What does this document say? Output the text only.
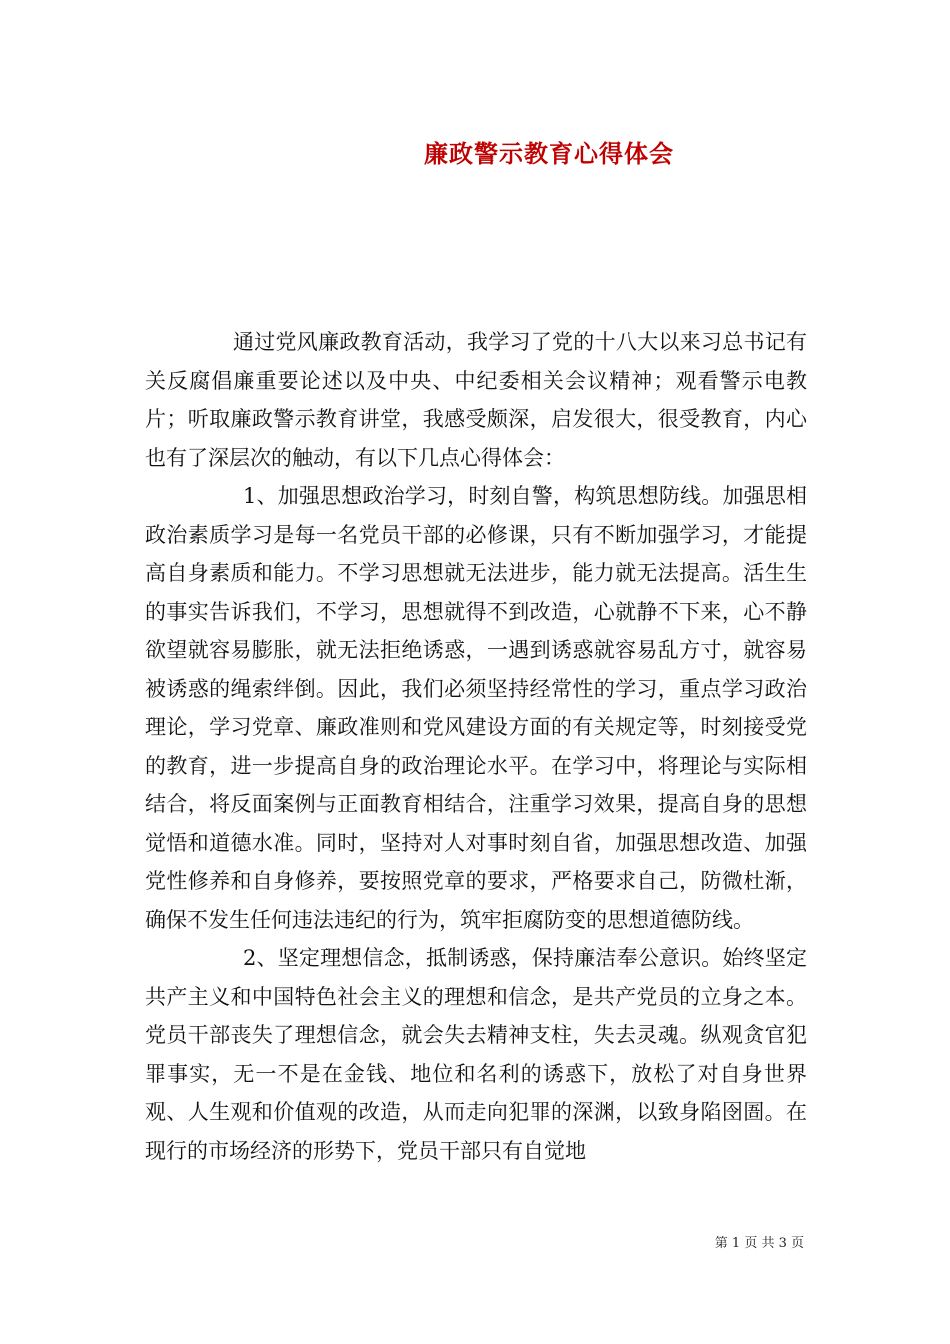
廉政警示教育心得体会

通过党风廉政教育活动，我学习了党的十八大以来习总书记有关反腐倡廉重要论述以及中央、中纪委相关会议精神；观看警示电教片；听取廉政警示教育讲堂，我感受颇深，启发很大，很受教育，内心也有了深层次的触动，有以下几点心得体会：

1、加强思想政治学习，时刻自警，构筑思想防线。加强思相政治素质学习是每一名党员干部的必修课，只有不断加强学习，才能提高自身素质和能力。不学习思想就无法进步，能力就无法提高。活生生的事实告诉我们，不学习，思想就得不到改造，心就静不下来，心不静欲望就容易膨胀，就无法拒绝诱惑，一遇到诱惑就容易乱方寸，就容易被诱惑的绳索绊倒。因此，我们必须坚持经常性的学习，重点学习政治理论，学习党章、廉政准则和党风建设方面的有关规定等，时刻接受党的教育，进一步提高自身的政治理论水平。在学习中，将理论与实际相结合，将反面案例与正面教育相结合，注重学习效果，提高自身的思想觉悟和道德水准。同时，坚持对人对事时刻自省，加强思想改造、加强党性修养和自身修养，要按照党章的要求，严格要求自己，防微杜渐，确保不发生任何违法违纪的行为，筑牢拒腐防变的思想道德防线。

2、坚定理想信念，抵制诱惑，保持廉洁奉公意识。始终坚定共产主义和中国特色社会主义的理想和信念，是共产党员的立身之本。党员干部丧失了理想信念，就会失去精神支柱，失去灵魂。纵观贪官犯罪事实，无一不是在金钱、地位和名利的诱惑下，放松了对自身世界观、人生观和价值观的改造，从而走向犯罪的深渊，以致身陷囹圄。在现行的市场经济的形势下，党员干部只有自觉地

第 1 页 共 3 页
